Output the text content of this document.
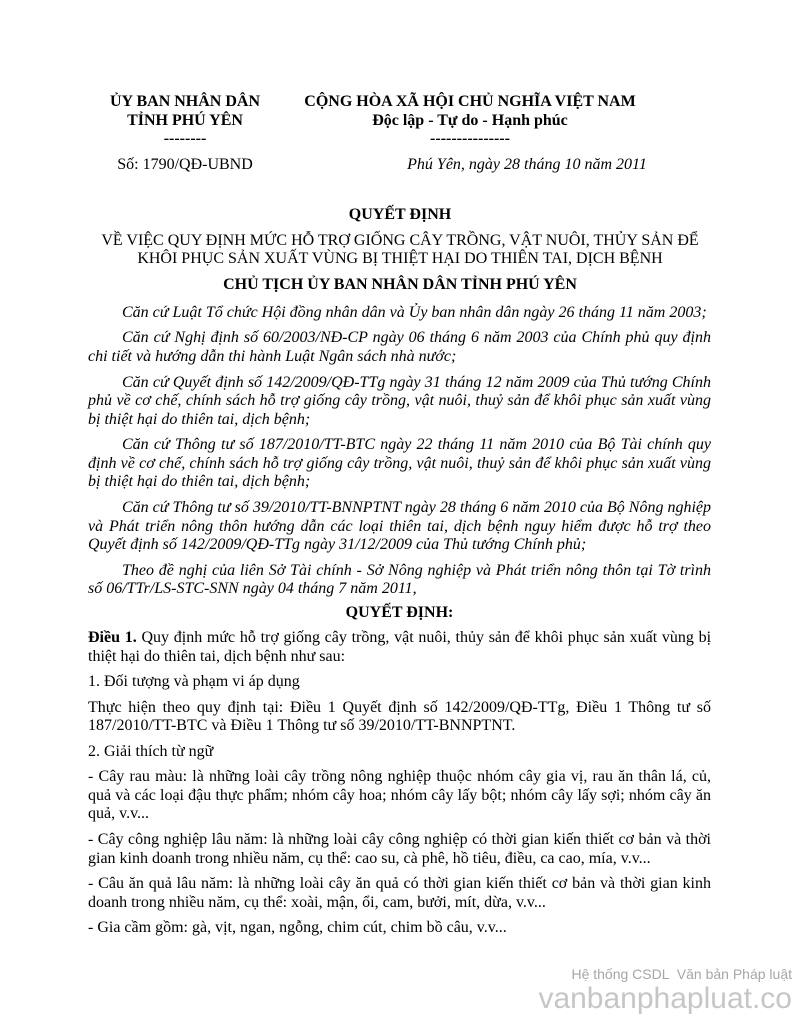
ỦY BAN NHÂN DÂN
TỈNH PHÚ YÊN
--------
Số: 1790/QĐ-UBND
CỘNG HÒA XÃ HỘI CHỦ NGHĨA VIỆT NAM
Độc lập - Tự do - Hạnh phúc
---------------
Phú Yên, ngày 28 tháng 10 năm 2011
QUYẾT ĐỊNH
VỀ VIỆC QUY ĐỊNH MỨC HỖ TRỢ GIỐNG CÂY TRỒNG, VẬT NUÔI, THỦY SẢN ĐỂ KHÔI PHỤC SẢN XUẤT VÙNG BỊ THIỆT HẠI DO THIÊN TAI, DỊCH BỆNH
CHỦ TỊCH ỦY BAN NHÂN DÂN TỈNH PHÚ YÊN

Căn cứ Luật Tổ chức Hội đồng nhân dân và Ủy ban nhân dân ngày 26 tháng 11 năm 2003;

Căn cứ Nghị định số 60/2003/NĐ-CP ngày 06 tháng 6 năm 2003 của Chính phủ quy định chi tiết và hướng dẫn thi hành Luật Ngân sách nhà nước;

Căn cứ Quyết định số 142/2009/QĐ-TTg ngày 31 tháng 12 năm 2009 của Thủ tướng Chính phủ về cơ chế, chính sách hỗ trợ giống cây trồng, vật nuôi, thuỷ sản để khôi phục sản xuất vùng bị thiệt hại do thiên tai, dịch bệnh;

Căn cứ Thông tư số 187/2010/TT-BTC ngày 22 tháng 11 năm 2010 của Bộ Tài chính quy định về cơ chế, chính sách hỗ trợ giống cây trồng, vật nuôi, thuỷ sản để khôi phục sản xuất vùng bị thiệt hại do thiên tai, dịch bệnh;

Căn cứ Thông tư số 39/2010/TT-BNNPTNT ngày 28 tháng 6 năm 2010 của Bộ Nông nghiệp và Phát triển nông thôn hướng dẫn các loại thiên tai, dịch bệnh nguy hiểm được hỗ trợ theo Quyết định số 142/2009/QĐ-TTg ngày 31/12/2009 của Thủ tướng Chính phủ;

Theo đề nghị của liên Sở Tài chính - Sở Nông nghiệp và Phát triển nông thôn tại Tờ trình số 06/TTr/LS-STC-SNN ngày 04 tháng 7 năm 2011,

QUYẾT ĐỊNH:

Điều 1. Quy định mức hỗ trợ giống cây trồng, vật nuôi, thủy sản để khôi phục sản xuất vùng bị thiệt hại do thiên tai, dịch bệnh như sau:

1. Đối tượng và phạm vi áp dụng

Thực hiện theo quy định tại: Điều 1 Quyết định số 142/2009/QĐ-TTg, Điều 1 Thông tư số 187/2010/TT-BTC và Điều 1 Thông tư số 39/2010/TT-BNNPTNT.

2. Giải thích từ ngữ

- Cây rau màu: là những loài cây trồng nông nghiệp thuộc nhóm cây gia vị, rau ăn thân lá, củ, quả và các loại đậu thực phẩm; nhóm cây hoa; nhóm cây lấy bột; nhóm cây lấy sợi; nhóm cây ăn quả, v.v...

- Cây công nghiệp lâu năm: là những loài cây công nghiệp có thời gian kiến thiết cơ bản và thời gian kinh doanh trong nhiều năm, cụ thể: cao su, cà phê, hồ tiêu, điều, ca cao, mía, v.v...

- Câu ăn quả lâu năm: là những loài cây ăn quả có thời gian kiến thiết cơ bản và thời gian kinh doanh trong nhiều năm, cụ thể: xoài, mận, ổi, cam, bưởi, mít, dừa, v.v...

- Gia cầm gồm: gà, vịt, ngan, ngỗng, chim cút, chim bồ câu, v.v...

Hệ thống CSDL  Văn bản Pháp luật
vanbanphapluat.co
